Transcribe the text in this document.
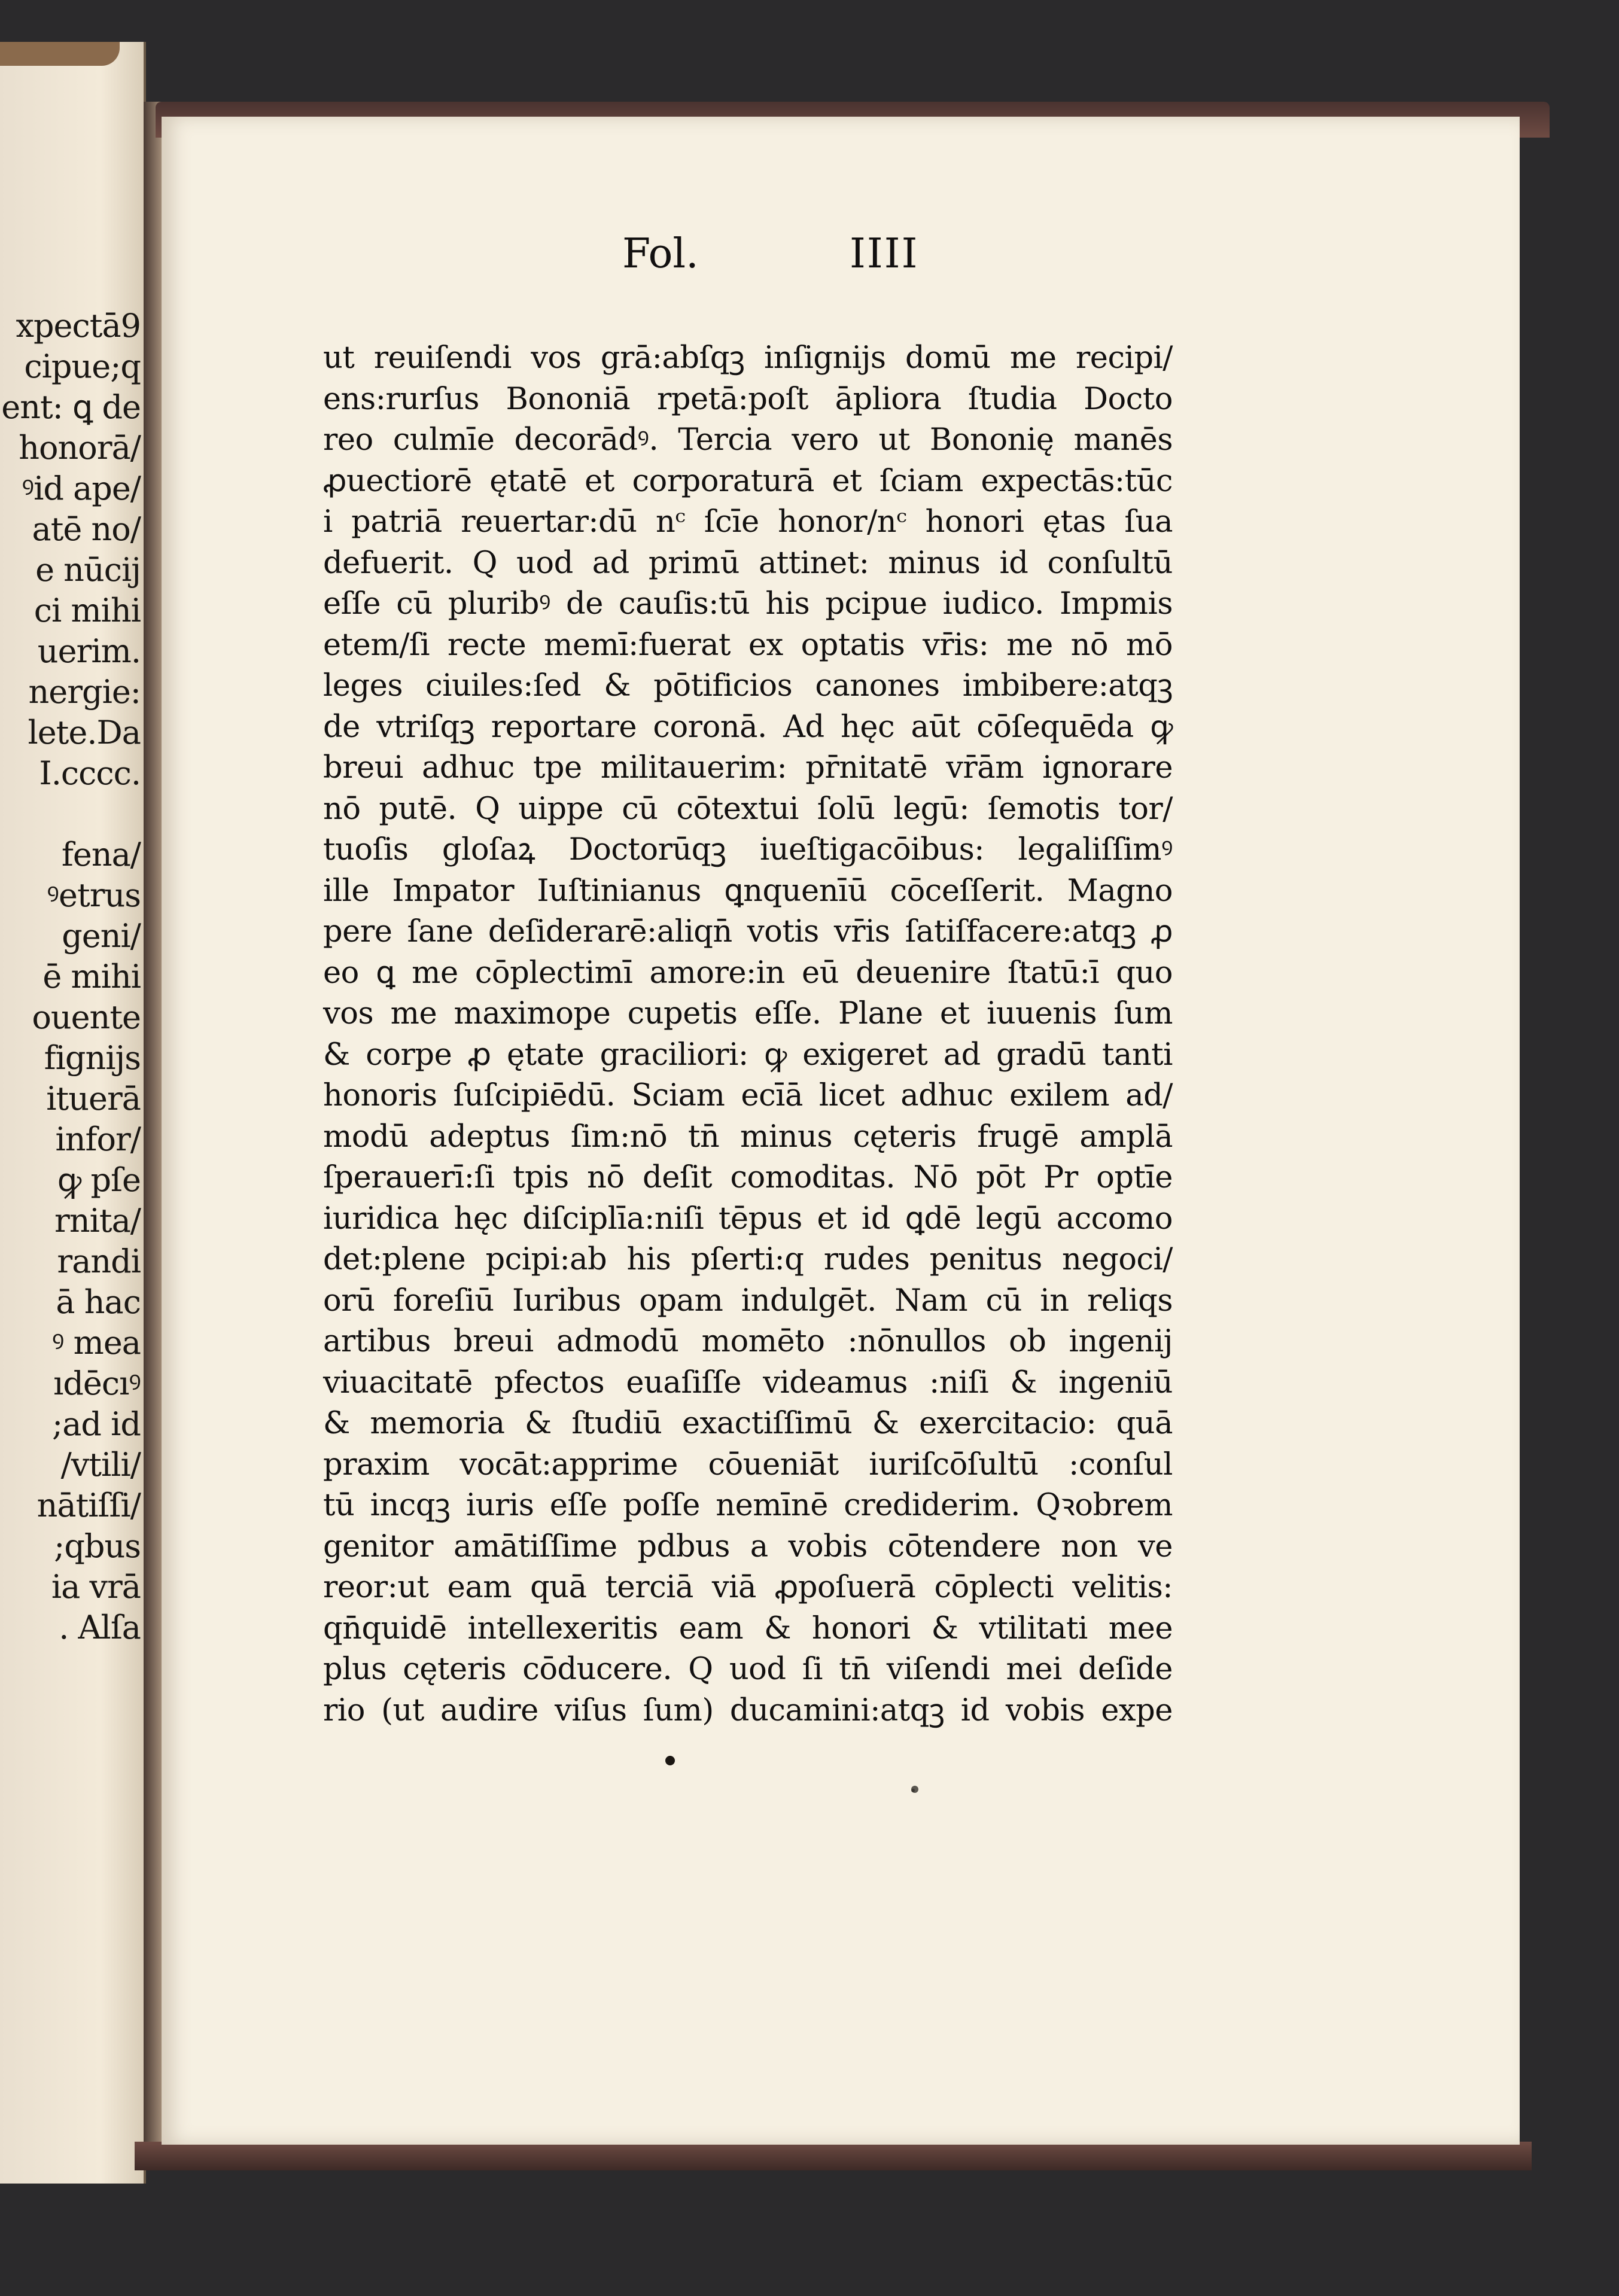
xpectā9
cipue;q
ent: ꝗ de
honorā/
ꝰid ape/
atē no/
e nūcij
ci mihi
uerim.
nergie:
lete.Da
I.cccc.
fena/
ꝰetrus
geni/
ē mihi
ouente
fignijs
ituerā
infor/
ꝙ pſe
rnita/
randi
ā hac
ꝰ mea
ıdēcıꝰ
;ad id
/vtili/
nātiſſi/
;qbus
ia vrā
. Alſa
Fol.	IIII
ut reuiſendi vos grā:abſqꝫ inſignijs domū me recipi/
ens:rurſus Bononiā rpetā:poſt āpliora ſtudia Docto
reo culmīe decorādꝰ. Tercia vero ut Bononię manēs
ꝓuectiorē ętatē et corporaturā et ſciam expectās:tūc
i patriā reuertar:dū nᶜ ſcīe honor/nᶜ honori ętas ſua
defuerit. Q uod ad primū attinet: minus id conſultū
eſſe cū pluribꝰ de cauſis:tū his pcipue iudico. Impmis
etem/ſi recte memī:fuerat ex optatis vr̄is: me nō mō
leges ciuiles:ſed & pōtificios canones imbibere:atqꝫ
de vtriſqꝫ reportare coronā. Ad hęc aūt cōſequēda ꝙ
breui adhuc tpe militauerim: pr̄nitatē vr̄ām ignorare
nō putē. Q uippe cū cōtextui ſolū legū: ſemotis tor/
tuoſis gloſaꝝ Doctorūqꝫ iueſtigacōibus: legaliſſimꝰ
ille Impator Iuſtinianus ꝗnquenīū cōceſſerit. Magno
pere ſane deſiderarē:aliqn̄ votis vr̄is ſatiſfacere:atqꝫ ꝓ
eo ꝗ me cōplectimī amore:in eū deuenire ſtatū:ī quo
vos me maximope cupetis eſſe. Plane et iuuenis ſum
& corpe ꝓ ętate graciliori: ꝙ exigeret ad gradū tanti
honoris ſuſcipiēdū. Sciam ecīā licet adhuc exilem ad/
modū adeptus ſim:nō tn̄ minus cęteris frugē amplā
ſperauerī:ſi tpis nō deſit comoditas. Nō pōt Pr optīe
iuridica hęc diſciplīa:niſi tēpus et id ꝗdē legū accomo
det:plene pcipi:ab his pſerti:q rudes penitus negoci/
orū foreſiū Iuribus opam indulgēt. Nam cū in reliqs
artibus breui admodū momēto :nōnullos ob ingenij
viuacitatē pfectos euaſiſſe videamus :niſi & ingeniū
& memoria & ſtudiū exactiſſimū & exercitacio: quā
praxim vocāt:apprime cōueniāt iuriſcōſultū :conſul
tū incqꝫ iuris eſſe poſſe nemīnē crediderim. Qꝛobrem
genitor amātiſſime pdbus a vobis cōtendere non ve
reor:ut eam quā terciā viā ꝓpoſuerā cōplecti velitis:
qn̄quidē intellexeritis eam & honori & vtilitati mee
plus cęteris cōducere. Q uod ſi tn̄ viſendi mei deſide
rio (ut audire viſus ſum) ducamini:atqꝫ id vobis expe
